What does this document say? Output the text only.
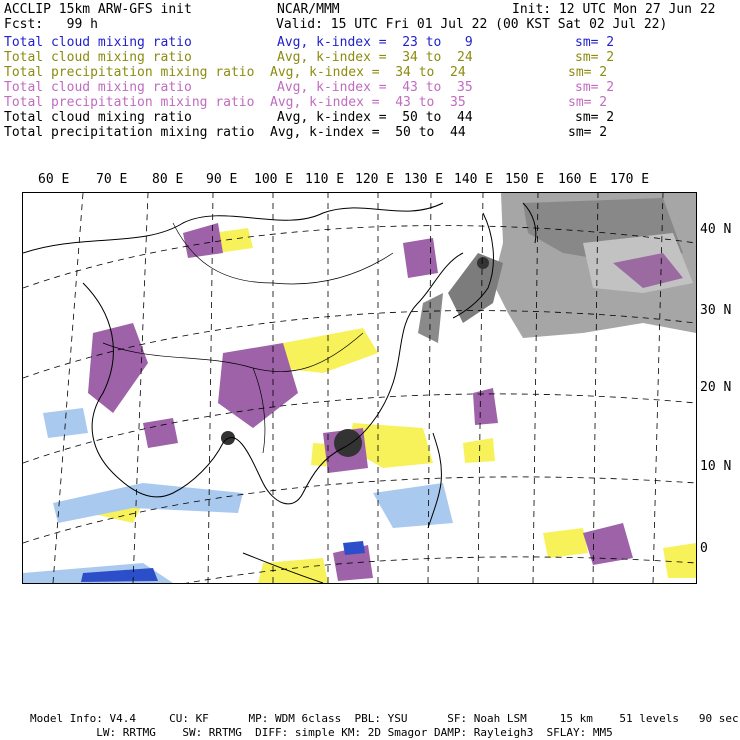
ACCLIP 15km ARW-GFS init	NCAR/MMM	Init: 12 UTC Mon 27 Jun 22
Fcst:   99 h	Valid: 15 UTC Fri 01 Jul 22 (00 KST Sat 02 Jul 22)
Total cloud mixing ratio	Avg, k-index =  23 to   9	sm= 2
Total cloud mixing ratio	Avg, k-index =  34 to  24	sm= 2
Total precipitation mixing ratio Avg, k-index =  34 to  24	sm= 2
Total cloud mixing ratio	Avg, k-index =  43 to  35	sm= 2
Total precipitation mixing ratio Avg, k-index =  43 to  35	sm= 2
Total cloud mixing ratio	Avg, k-index =  50 to  44	sm= 2
Total precipitation mixing ratio Avg, k-index =  50 to  44	sm= 2
60 E 70 E 80 E 90 E 100 E 110 E 120 E 130 E 140 E 150 E 160 E 170 E
40 N
30 N
20 N
10 N
0
Model Info: V4.4     CU: KF      MP: WDM 6class  PBL: YSU      SF: Noah LSM     15 km    51 levels   90 sec
LW: RRTMG    SW: RRTMG  DIFF: simple KM: 2D Smagor DAMP: Rayleigh3  SFLAY: MM5
